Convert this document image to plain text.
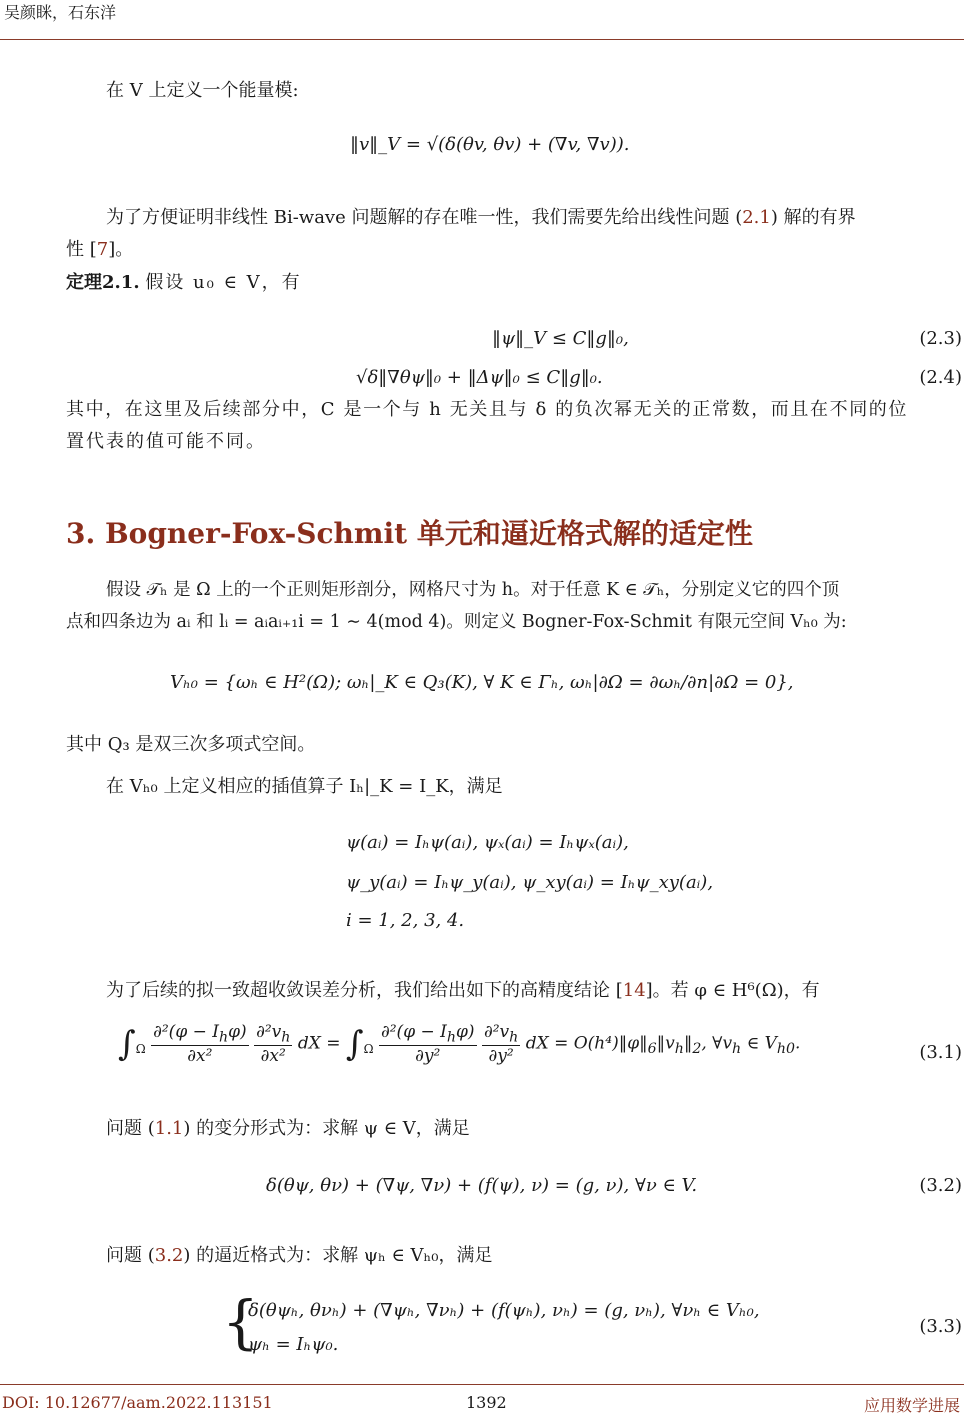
吴颜眯，石东洋
在 V 上定义一个能量模:
‖v‖_V = √(δ(θv, θv) + (∇v, ∇v)).
为了方便证明非线性 Bi-wave 问题解的存在唯一性，我们需要先给出线性问题 (2.1) 解的有界
性 [7]。
定理2.1. 假设 u₀ ∈ V，有
‖ψ‖_V ≤ C‖g‖₀,	(2.3)
√δ‖∇θψ‖₀ + ‖Δψ‖₀ ≤ C‖g‖₀.	(2.4)
其中，在这里及后续部分中，C 是一个与 h 无关且与 δ 的负次幂无关的正常数，而且在不同的位
置代表的值可能不同。
3. Bogner-Fox-Schmit 单元和逼近格式解的适定性
假设 𝒯ₕ 是 Ω 上的一个正则矩形剖分，网格尺寸为 h。对于任意 K ∈ 𝒯ₕ，分别定义它的四个顶
点和四条边为 aᵢ 和 lᵢ = aᵢaᵢ₊₁i = 1 ∼ 4(mod 4)。则定义 Bogner-Fox-Schmit 有限元空间 Vₕ₀ 为:
Vₕ₀ = {ωₕ ∈ H²(Ω); ωₕ|_K ∈ Q₃(K), ∀ K ∈ Γₕ, ωₕ|∂Ω = ∂ωₕ/∂n|∂Ω = 0},
其中 Q₃ 是双三次多项式空间。
在 Vₕ₀ 上定义相应的插值算子 Iₕ|_K = I_K，满足
ψ(aᵢ) = Iₕψ(aᵢ), ψₓ(aᵢ) = Iₕψₓ(aᵢ),
ψ_y(aᵢ) = Iₕψ_y(aᵢ), ψ_xy(aᵢ) = Iₕψ_xy(aᵢ),
i = 1, 2, 3, 4.
为了后续的拟一致超收敛误差分析，我们给出如下的高精度结论 [14]。若 φ ∈ H⁶(Ω)，有
$\int_\Omega \frac{\partial^2(\varphi - I_h\varphi)}{\text{∂x²}}$
$\frac{\partial^2v_h}{\text{∂x²}}$ dX = $\int_\Omega \frac{\partial^2(\varphi - I_h\varphi)}{\text{∂y²}}$
$\frac{\partial^2v_h}{\text{∂y²}}$ dX = $O(h^4)‖\varphi‖_6‖v_h‖_2$, $\forall v_h$ ∈ $V_{h0}$.	(3.1)
问题 (1.1) 的变分形式为：求解 ψ ∈ V，满足
δ(θψ, θν) + (∇ψ, ∇ν) + (f(ψ), ν) = (g, ν), ∀ν ∈ V.	(3.2)
问题 (3.2) 的逼近格式为：求解 ψₕ ∈ Vₕ₀，满足
{
δ(θψₕ, θνₕ) + (∇ψₕ, ∇νₕ) + (f(ψₕ), νₕ) = (g, νₕ), ∀νₕ ∈ Vₕ₀,
ψₕ = Iₕψ₀.
(3.3)
DOI: 10.12677/aam.2022.113151	1392	应用数学进展
